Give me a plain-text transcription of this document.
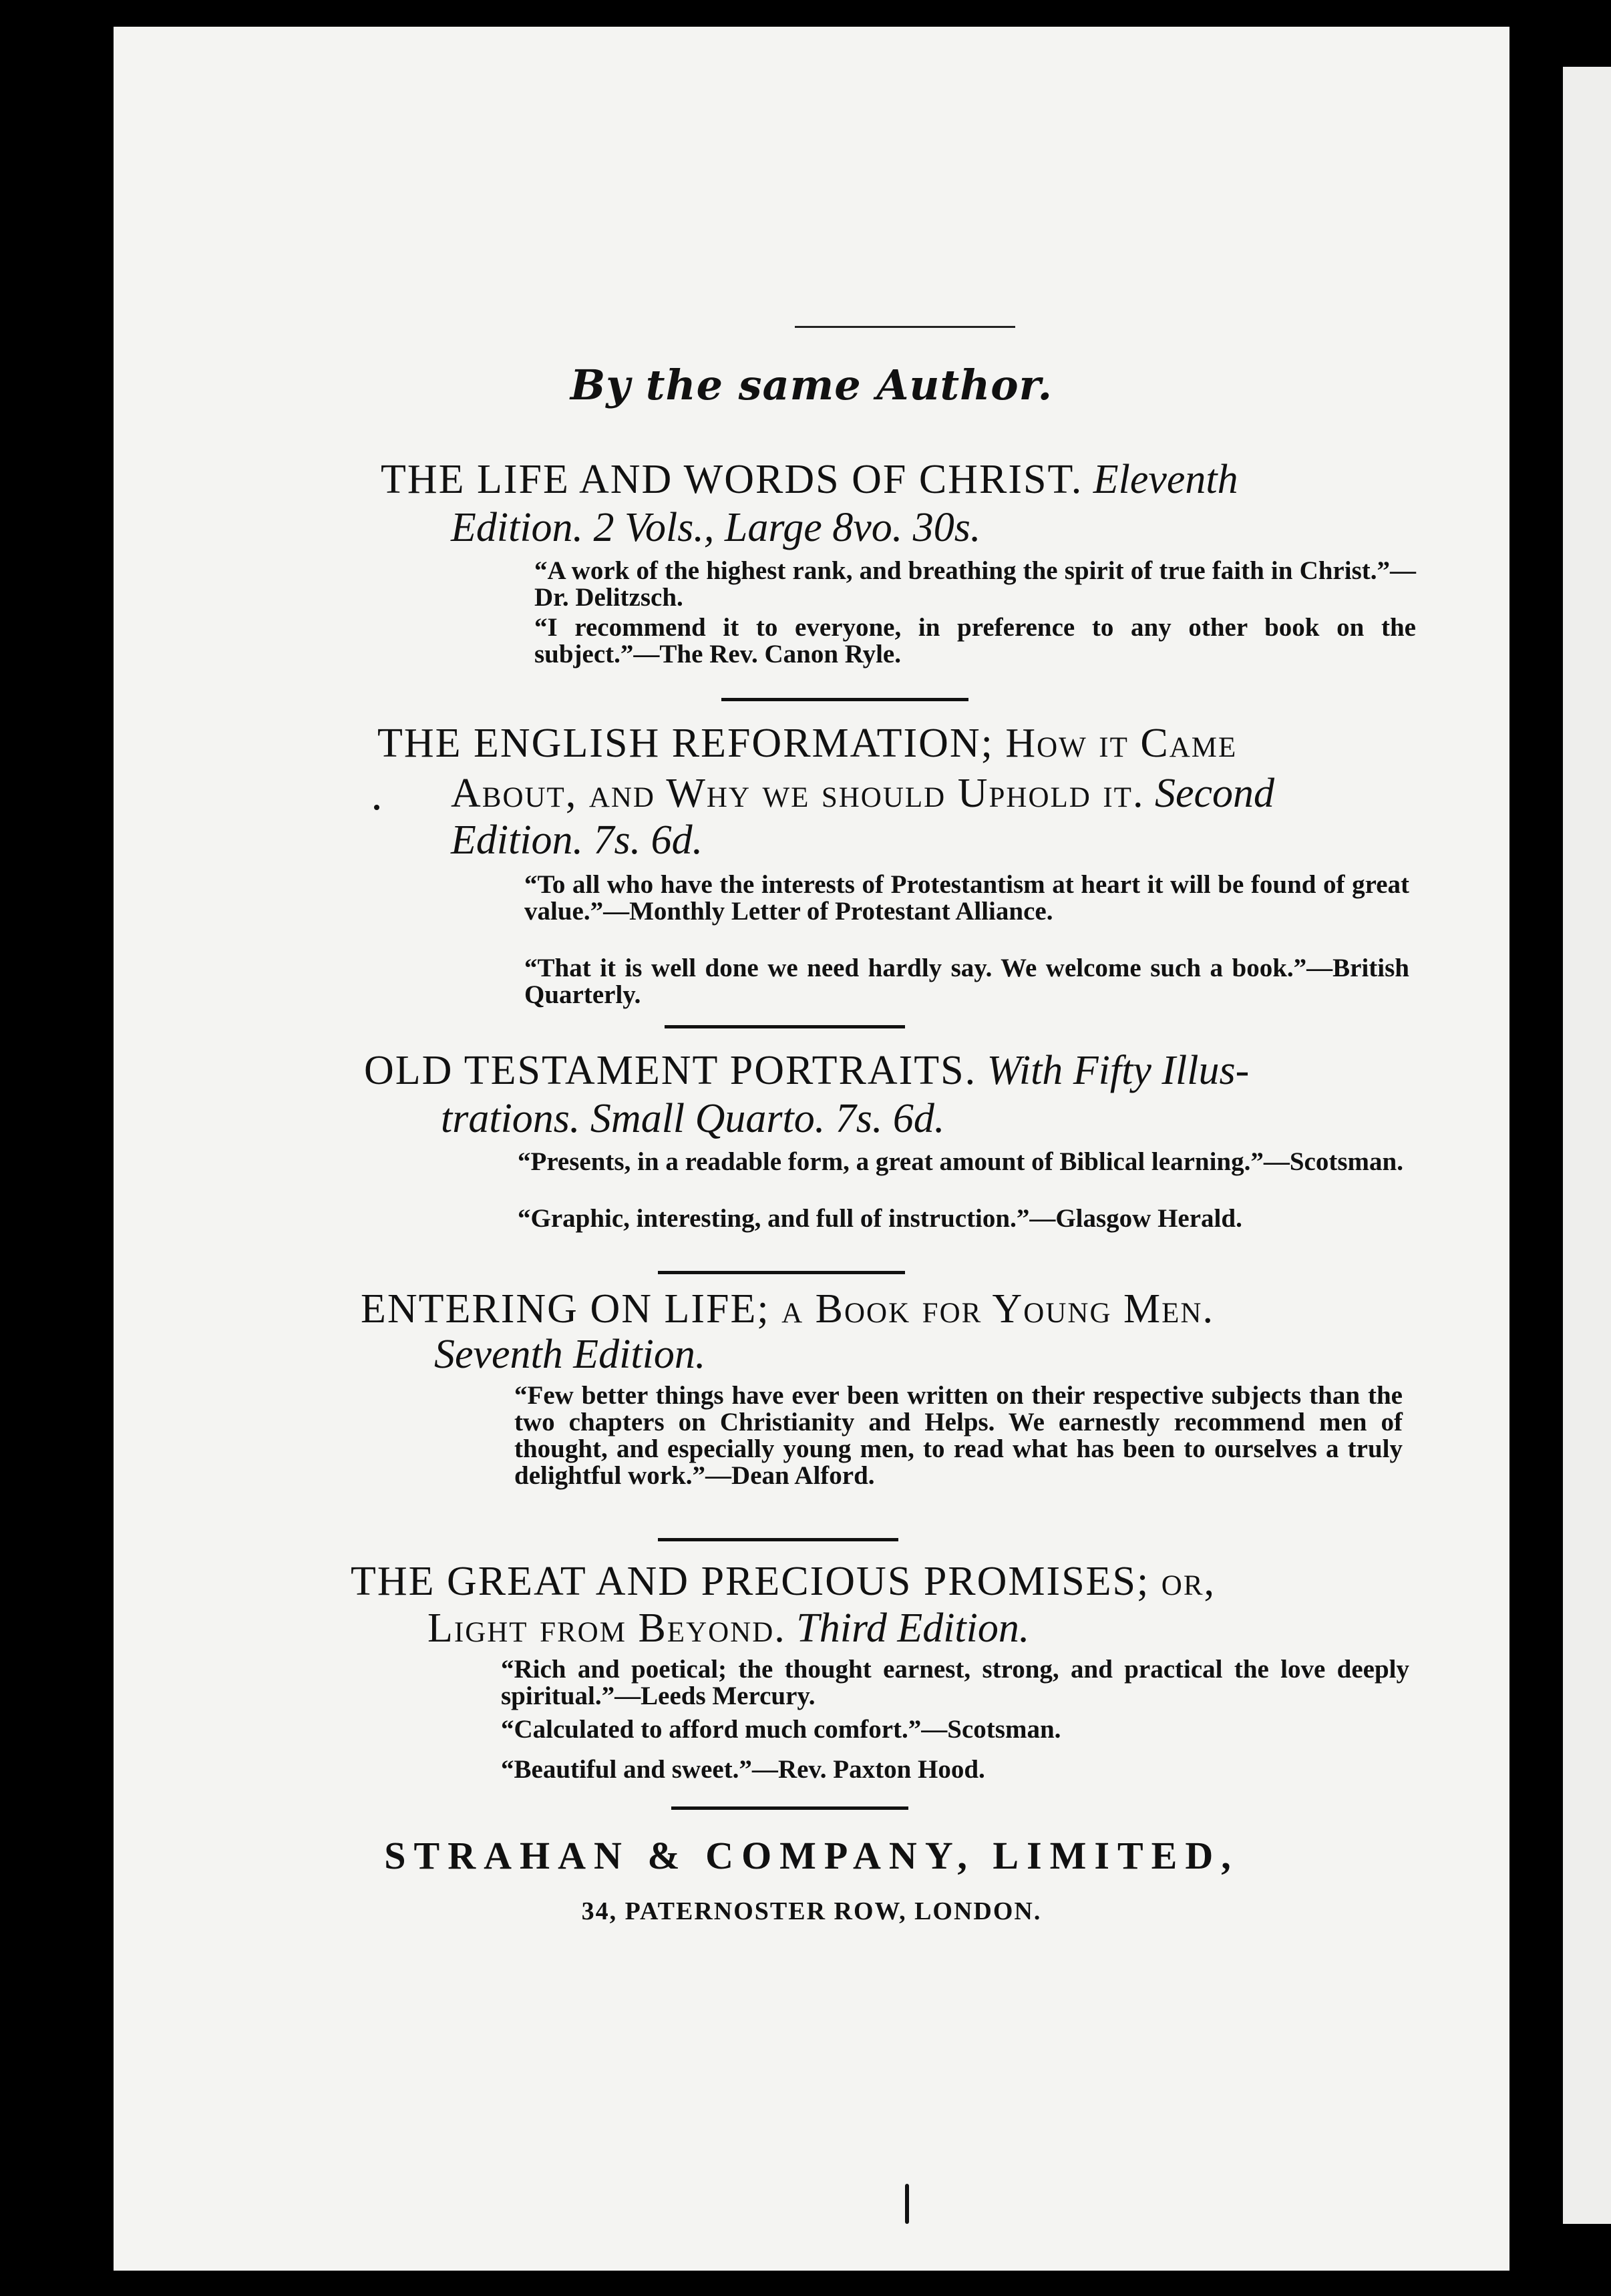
By the same Author.
THE LIFE AND WORDS OF CHRIST. Eleventh
Edition. 2 Vols., Large 8vo. 30s.
“A work of the highest rank, and breathing the spirit of true faith in Christ.”—Dr. Delitzsch.
“I recommend it to everyone, in preference to any other book on the subject.”—The Rev. Canon Ryle.
THE ENGLISH REFORMATION; How it Came
About, and Why we should Uphold it. Second
Edition. 7s. 6d.
“To all who have the interests of Protestantism at heart it will be found of great value.”—Monthly Letter of Protestant Alliance.
“That it is well done we need hardly say. We welcome such a book.”—British Quarterly.
OLD TESTAMENT PORTRAITS. With Fifty Illus-
trations. Small Quarto. 7s. 6d.
“Presents, in a readable form, a great amount of Biblical learning.”—Scotsman.
“Graphic, interesting, and full of instruction.”—Glasgow Herald.
ENTERING ON LIFE; a Book for Young Men.
Seventh Edition.
“Few better things have ever been written on their respective subjects than the two chapters on Christianity and Helps. We earnestly recommend men of thought, and especially young men, to read what has been to ourselves a truly delightful work.”—Dean Alford.
THE GREAT AND PRECIOUS PROMISES; or,
Light from Beyond. Third Edition.
“Rich and poetical; the thought earnest, strong, and practical the love deeply spiritual.”—Leeds Mercury.
“Calculated to afford much comfort.”—Scotsman.
“Beautiful and sweet.”—Rev. Paxton Hood.
STRAHAN & COMPANY, LIMITED,
34, PATERNOSTER ROW, LONDON.
